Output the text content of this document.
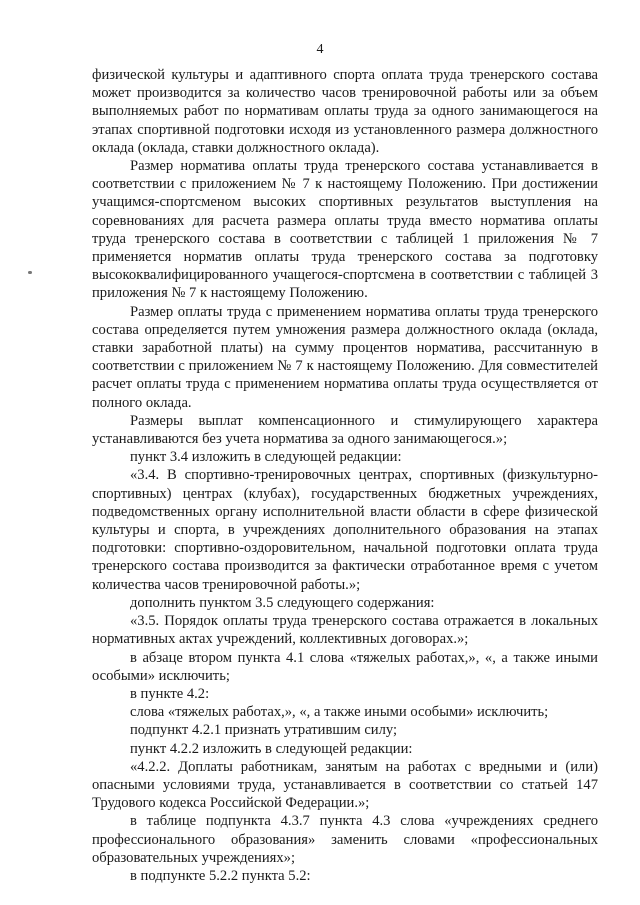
4

физической культуры и адаптивного спорта оплата труда тренерского состава может производится за количество часов тренировочной работы или за объем выполняемых работ по нормативам оплаты труда за одного занимающегося на этапах спортивной подготовки исходя из установленного размера должностного оклада (оклада, ставки должностного оклада).

Размер норматива оплаты труда тренерского состава устанавливается в соответствии с приложением № 7 к настоящему Положению. При достижении учащимся-спортсменом высоких спортивных результатов выступления на соревнованиях для расчета размера оплаты труда вместо норматива оплаты труда тренерского состава в соответствии с таблицей 1 приложения № 7 применяется норматив оплаты труда тренерского состава за подготовку высококвалифицированного учащегося-спортсмена в соответствии с таблицей 3 приложения № 7 к настоящему Положению.

Размер оплаты труда с применением норматива оплаты труда тренерского состава определяется путем умножения размера должностного оклада (оклада, ставки заработной платы) на сумму процентов норматива, рассчитанную в соответствии с приложением № 7 к настоящему Положению. Для совместителей расчет оплаты труда с применением норматива оплаты труда осуществляется от полного оклада.

Размеры выплат компенсационного и стимулирующего характера устанавливаются без учета норматива за одного занимающегося.»;

пункт 3.4 изложить в следующей редакции:

«3.4. В спортивно-тренировочных центрах, спортивных (физкультурно-спортивных) центрах (клубах), государственных бюджетных учреждениях, подведомственных органу исполнительной власти области в сфере физической культуры и спорта, в учреждениях дополнительного образования на этапах подготовки: спортивно-оздоровительном, начальной подготовки оплата труда тренерского состава производится за фактически отработанное время с учетом количества часов тренировочной работы.»;

дополнить пунктом 3.5 следующего содержания:

«3.5. Порядок оплаты труда тренерского состава отражается в локальных нормативных актах учреждений, коллективных договорах.»;

в абзаце втором пункта 4.1 слова «тяжелых работах,», «, а также иными особыми» исключить;

в пункте 4.2:

слова «тяжелых работах,», «, а также иными особыми» исключить;

подпункт 4.2.1 признать утратившим силу;

пункт 4.2.2 изложить в следующей редакции:

«4.2.2. Доплаты работникам, занятым на работах с вредными и (или) опасными условиями труда, устанавливается в соответствии со статьей 147 Трудового кодекса Российской Федерации.»;

в таблице подпункта 4.3.7 пункта 4.3 слова «учреждениях среднего профессионального образования» заменить словами «профессиональных образовательных учреждениях»;

в подпункте 5.2.2 пункта 5.2:
